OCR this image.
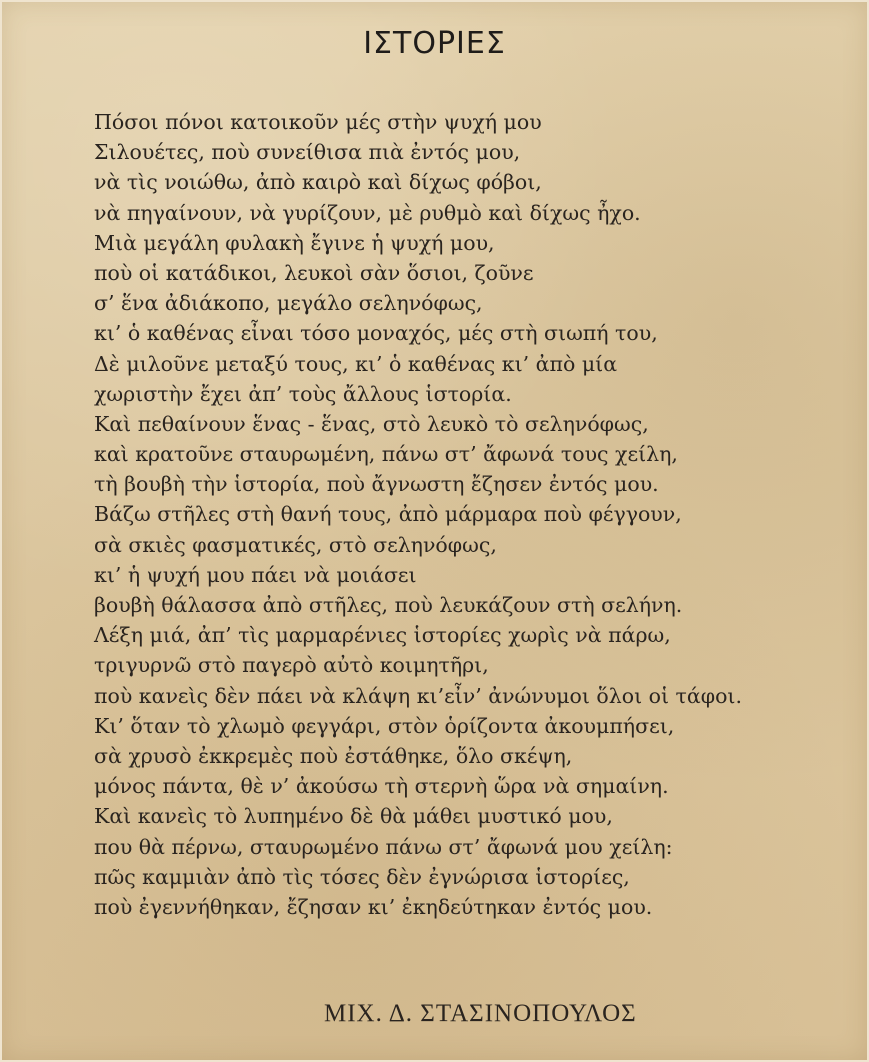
ΙΣΤΟΡΙΕΣ
Πόσοι πόνοι κατοικοῦν μές στὴν ψυχή μου
Σιλουέτες, ποὺ συνείθισα πιὰ ἐντός μου,
νὰ τὶς νοιώθω, ἀπὸ καιρὸ καὶ δίχως φόβοι,
νὰ πηγαίνουν, νὰ γυρίζουν, μὲ ρυθμὸ καὶ δίχως ἦχο.
Μιὰ μεγάλη φυλακὴ ἔγινε ἡ ψυχή μου,
ποὺ οἱ κατάδικοι, λευκοὶ σὰν ὅσιοι, ζοῦνε
σ’ ἕνα ἀδιάκοπο, μεγάλο σεληνόφως,
κι’ ὁ καθένας εἶναι τόσο μοναχός, μές στὴ σιωπή του,
Δὲ μιλοῦνε μεταξύ τους, κι’ ὁ καθένας κι’ ἀπὸ μία
χωριστὴν ἔχει ἀπ’ τοὺς ἄλλους ἱστορία.
Καὶ πεθαίνουν ἕνας - ἕνας, στὸ λευκὸ τὸ σεληνόφως,
καὶ κρατοῦνε σταυρωμένη, πάνω στ’ ἄφωνά τους χείλη,
τὴ βουβὴ τὴν ἱστορία, ποὺ ἄγνωστη ἔζησεν ἐντός μου.
Βάζω στῆλες στὴ θανή τους, ἀπὸ μάρμαρα ποὺ φέγγουν,
σὰ σκιὲς φασματικές, στὸ σεληνόφως,
κι’ ἡ ψυχή μου πάει νὰ μοιάσει
βουβὴ θάλασσα ἀπὸ στῆλες, ποὺ λευκάζουν στὴ σελήνη.
Λέξη μιά, ἀπ’ τὶς μαρμαρένιες ἱστορίες χωρὶς νὰ πάρω,
τριγυρνῶ στὸ παγερὸ αὐτὸ κοιμητῆρι,
ποὺ κανεὶς δὲν πάει νὰ κλάψη κι’εἶν’ ἀνώνυμοι ὅλοι οἱ τάφοι.
Κι’ ὅταν τὸ χλωμὸ φεγγάρι, στὸν ὁρίζοντα ἀκουμπήσει,
σὰ χρυσὸ ἐκκρεμὲς ποὺ ἐστάθηκε, ὅλο σκέψη,
μόνος πάντα, θὲ ν’ ἀκούσω τὴ στερνὴ ὥρα νὰ σημαίνη.
Καὶ κανεὶς τὸ λυπημένο δὲ θὰ μάθει μυστικό μου,
που θὰ πέρνω, σταυρωμένο πάνω στ’ ἄφωνά μου χείλη:
πῶς καμμιὰν ἀπὸ τὶς τόσες δὲν ἐγνώρισα ἱστορίες,
ποὺ ἐγεννήθηκαν, ἔζησαν κι’ ἐκηδεύτηκαν ἐντός μου.
ΜΙΧ. Δ. ΣΤΑΣΙΝΟΠΟΥΛΟΣ
